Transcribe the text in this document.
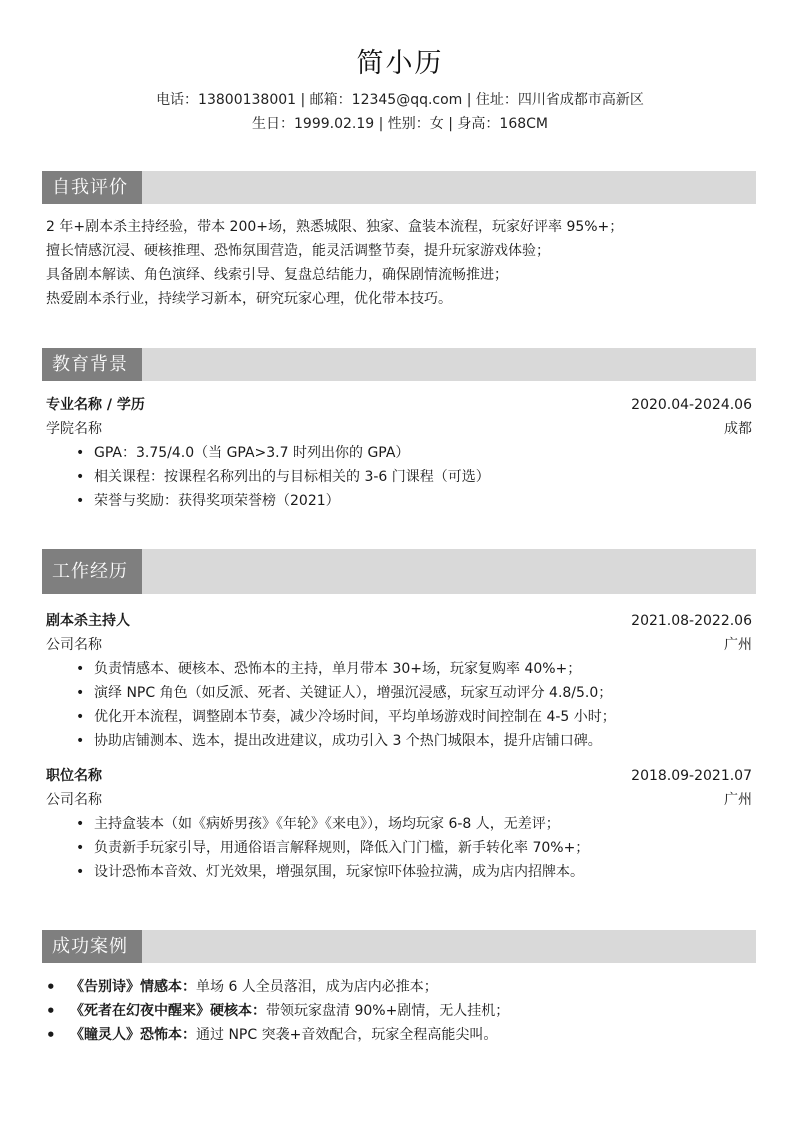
简小历
电话：13800138001 | 邮箱：12345@qq.com | 住址：四川省成都市高新区
生日：1999.02.19 | 性别：女 | 身高：168CM
自我评价
2 年+剧本杀主持经验，带本 200+场，熟悉城限、独家、盒装本流程，玩家好评率 95%+；
擅长情感沉浸、硬核推理、恐怖氛围营造，能灵活调整节奏，提升玩家游戏体验；
具备剧本解读、角色演绎、线索引导、复盘总结能力，确保剧情流畅推进；
热爱剧本杀行业，持续学习新本，研究玩家心理，优化带本技巧。
教育背景
专业名称 / 学历	2020.04-2024.06
学院名称	成都
• GPA：3.75/4.0（当 GPA>3.7 时列出你的 GPA）
• 相关课程：按课程名称列出的与目标相关的 3-6 门课程（可选）
• 荣誉与奖励：获得奖项荣誉榜（2021）
工作经历
剧本杀主持人	2021.08-2022.06
公司名称	广州
• 负责情感本、硬核本、恐怖本的主持，单月带本 30+场，玩家复购率 40%+；
• 演绎 NPC 角色（如反派、死者、关键证人），增强沉浸感，玩家互动评分 4.8/5.0；
• 优化开本流程，调整剧本节奏，减少冷场时间，平均单场游戏时间控制在 4-5 小时；
• 协助店铺测本、选本，提出改进建议，成功引入 3 个热门城限本，提升店铺口碑。
职位名称	2018.09-2021.07
公司名称	广州
• 主持盒装本（如《病娇男孩》《年轮》《来电》），场均玩家 6-8 人，无差评；
• 负责新手玩家引导，用通俗语言解释规则，降低入门门槛，新手转化率 70%+；
• 设计恐怖本音效、灯光效果，增强氛围，玩家惊吓体验拉满，成为店内招牌本。
成功案例
• 《告别诗》情感本：单场 6 人全员落泪，成为店内必推本；
• 《死者在幻夜中醒来》硬核本：带领玩家盘清 90%+剧情，无人挂机；
• 《瞳灵人》恐怖本：通过 NPC 突袭+音效配合，玩家全程高能尖叫。
